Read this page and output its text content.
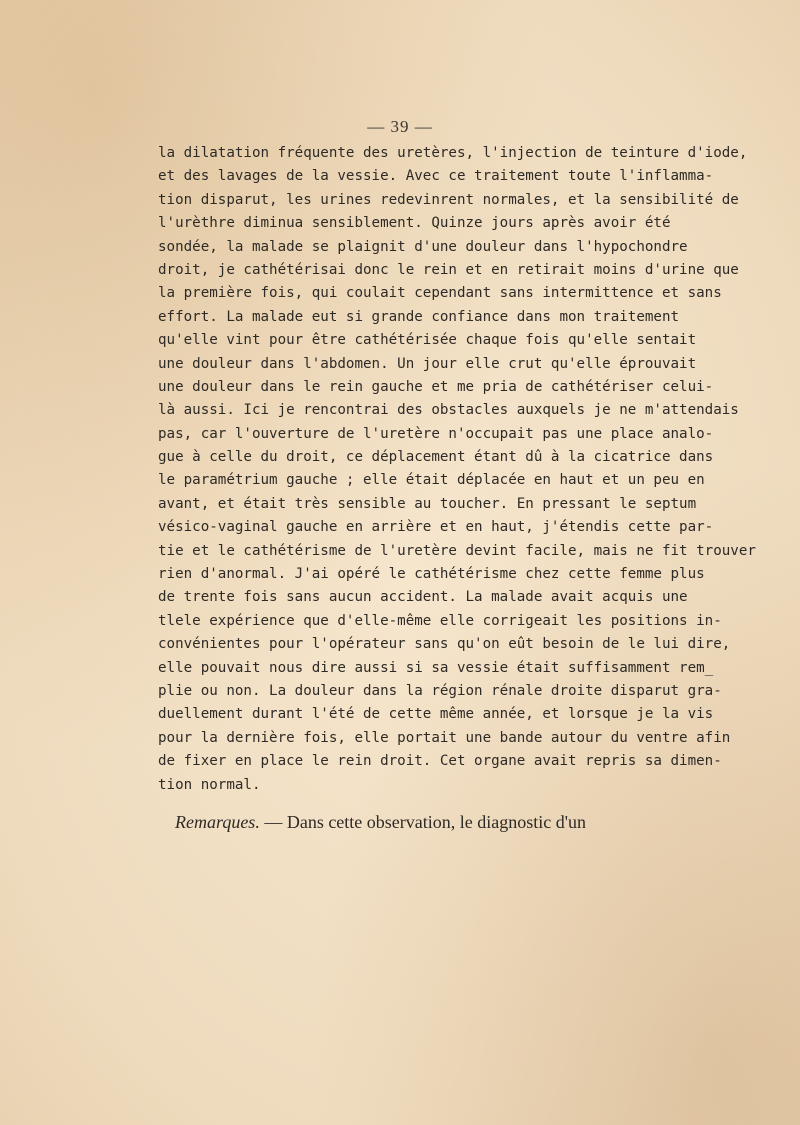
— 39 —
la dilatation fréquente des uretères, l'injection de teinture d'iode,
et des lavages de la vessie. Avec ce traitement toute l'inflamma-
tion disparut, les urines redevinrent normales, et la sensibilité de
l'urèthre diminua sensiblement. Quinze jours après avoir été
sondée, la malade se plaignit d'une douleur dans l'hypochondre
droit, je cathétérisai donc le rein et en retirait moins d'urine que
la première fois, qui coulait cependant sans intermittence et sans
effort. La malade eut si grande confiance dans mon traitement
qu'elle vint pour être cathétérisée chaque fois qu'elle sentait
une douleur dans l'abdomen. Un jour elle crut qu'elle éprouvait
une douleur dans le rein gauche et me pria de cathétériser celui-
là aussi. Ici je rencontrai des obstacles auxquels je ne m'attendais
pas, car l'ouverture de l'uretère n'occupait pas une place analo-
gue à celle du droit, ce déplacement étant dû à la cicatrice dans
le paramétrium gauche ; elle était déplacée en haut et un peu en
avant, et était très sensible au toucher. En pressant le septum
vésico-vaginal gauche en arrière et en haut, j'étendis cette par-
tie et le cathétérisme de l'uretère devint facile, mais ne fit trouver
rien d'anormal. J'ai opéré le cathétérisme chez cette femme plus
de trente fois sans aucun accident. La malade avait acquis une
tlele expérience que d'elle-même elle corrigeait les positions in-
convénientes pour l'opérateur sans qu'on eût besoin de le lui dire,
elle pouvait nous dire aussi si sa vessie était suffisamment rem_
plie ou non. La douleur dans la région rénale droite disparut gra-
duellement durant l'été de cette même année, et lorsque je la vis
pour la dernière fois, elle portait une bande autour du ventre afin
de fixer en place le rein droit. Cet organe avait repris sa dimen-
tion normal.
Remarques. — Dans cette observation, le diagnostic d'un
